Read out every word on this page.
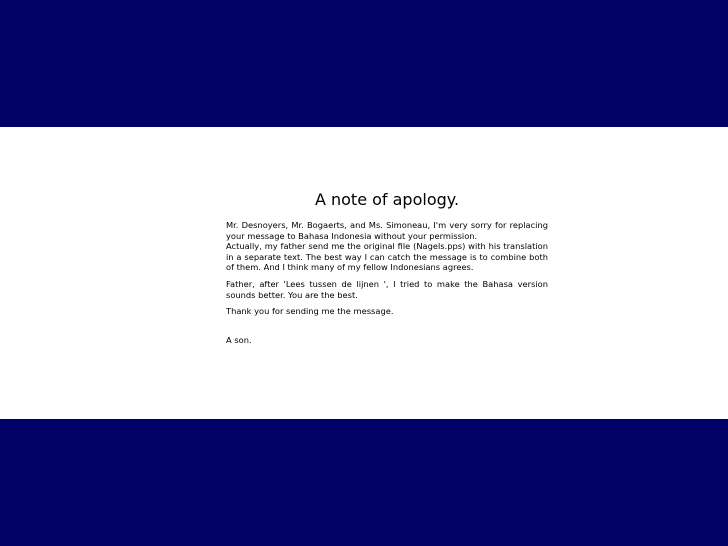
A note of apology.

Mr. Desnoyers, Mr. Bogaerts, and Ms. Simoneau, I'm very sorry for replacing your message to Bahasa Indonesia without your permission.

Actually, my father send me the original file (Nagels.pps) with his translation in a separate text. The best way I can catch the message is to combine both of them. And I think many of my fellow Indonesians agrees.

Father, after 'Lees tussen de lijnen ', I tried to make the Bahasa version sounds better. You are the best.

Thank you for sending me the message.

A son.
